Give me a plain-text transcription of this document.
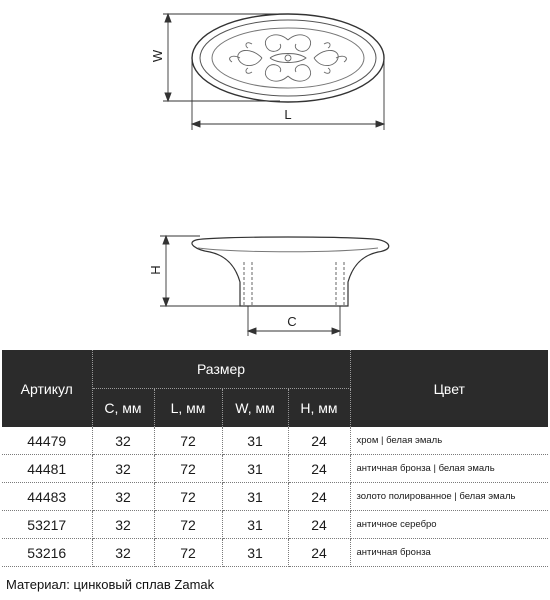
W
L
H
C
Артикул	Размер				Цвет
	C, мм	L, мм	W, мм	H, мм	
44479	32	72	31	24	хром | белая эмаль
44481	32	72	31	24	античная бронза | белая эмаль
44483	32	72	31	24	золото полированное | белая эмаль
53217	32	72	31	24	античное серебро
53216	32	72	31	24	античная бронза
Материал: цинковый сплав Zamak
